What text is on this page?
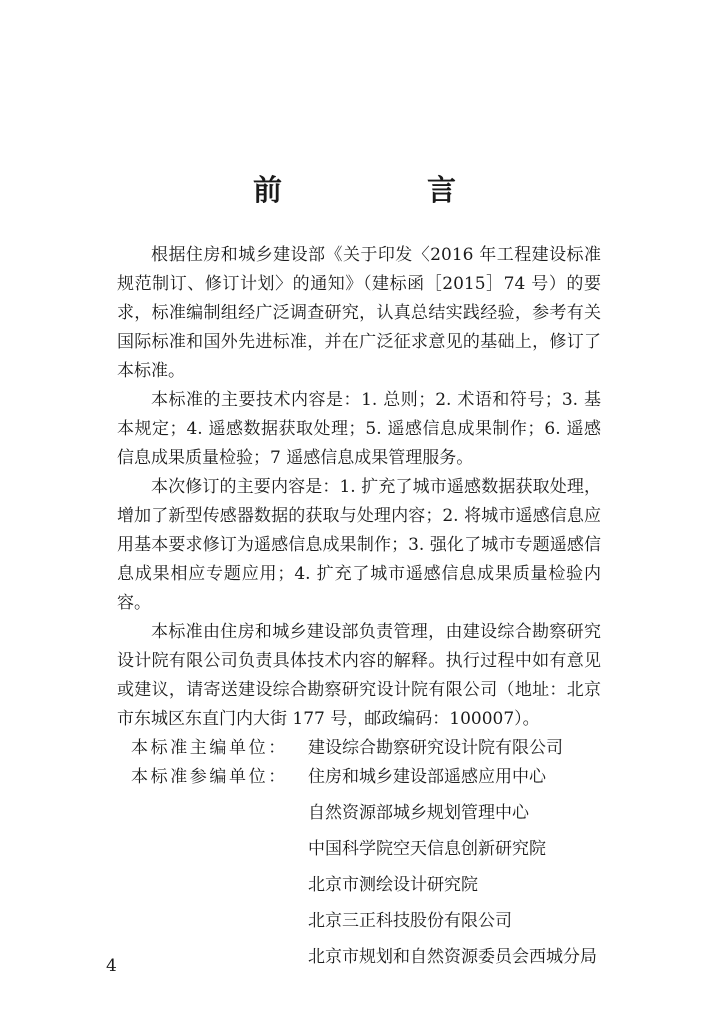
前　言

根据住房和城乡建设部《关于印发〈2016 年工程建设标准规范制订、修订计划〉的通知》（建标函［2015］74 号）的要求，标准编制组经广泛调查研究，认真总结实践经验，参考有关国际标准和国外先进标准，并在广泛征求意见的基础上，修订了本标准。

本标准的主要技术内容是：1. 总则；2. 术语和符号；3. 基本规定；4. 遥感数据获取处理；5. 遥感信息成果制作；6. 遥感信息成果质量检验；7 遥感信息成果管理服务。

本次修订的主要内容是：1. 扩充了城市遥感数据获取处理，增加了新型传感器数据的获取与处理内容；2. 将城市遥感信息应用基本要求修订为遥感信息成果制作；3. 强化了城市专题遥感信息成果相应专题应用；4. 扩充了城市遥感信息成果质量检验内容。

本标准由住房和城乡建设部负责管理，由建设综合勘察研究设计院有限公司负责具体技术内容的解释。执行过程中如有意见或建议，请寄送建设综合勘察研究设计院有限公司（地址：北京市东城区东直门内大街 177 号，邮政编码：100007）。

本标准主编单位：	建设综合勘察研究设计院有限公司
本标准参编单位：	住房和城乡建设部遥感应用中心
自然资源部城乡规划管理中心
中国科学院空天信息创新研究院
北京市测绘设计研究院
北京三正科技股份有限公司
北京市规划和自然资源委员会西城分局
4
